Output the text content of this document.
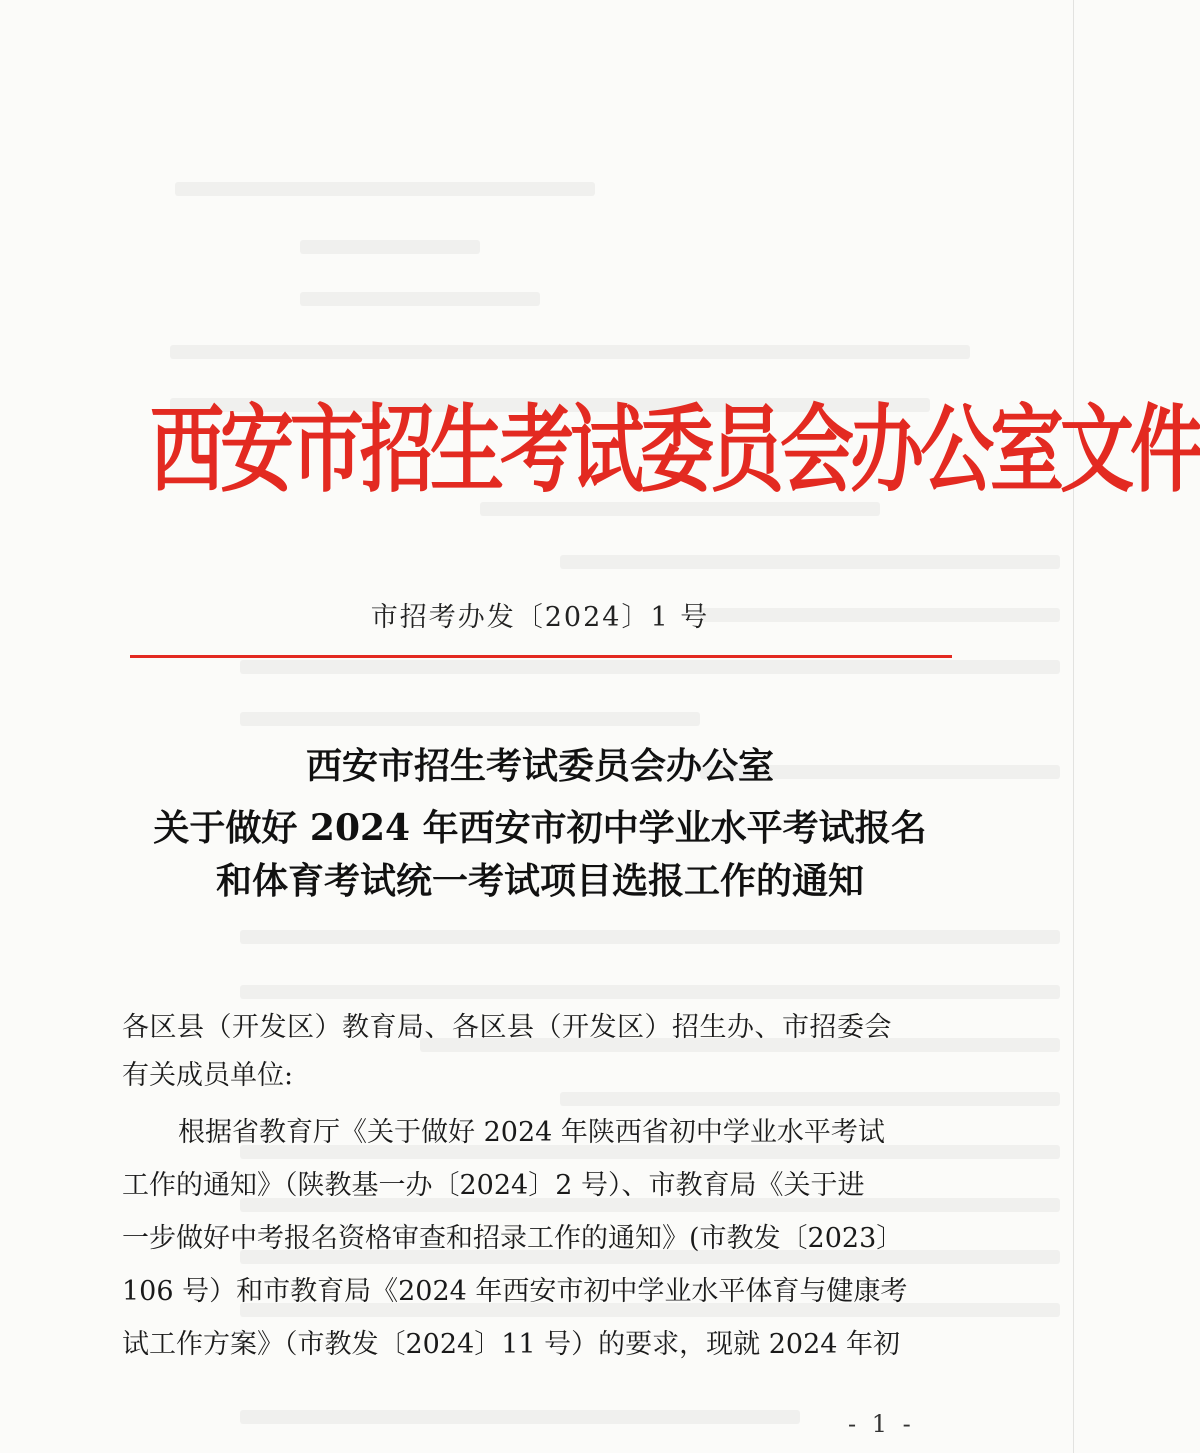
西安市招生考试委员会办公室文件
市招考办发〔2024〕1 号
西安市招生考试委员会办公室
关于做好 2024 年西安市初中学业水平考试报名
和体育考试统一考试项目选报工作的通知
各区县（开发区）教育局、各区县（开发区）招生办、市招委会
有关成员单位:
根据省教育厅《关于做好 2024 年陕西省初中学业水平考试
工作的通知》（陕教基一办〔2024〕2 号）、市教育局《关于进
一步做好中考报名资格审查和招录工作的通知》(市教发〔2023〕
106 号）和市教育局《2024 年西安市初中学业水平体育与健康考
试工作方案》（市教发〔2024〕11 号）的要求，现就 2024 年初
- 1 -
